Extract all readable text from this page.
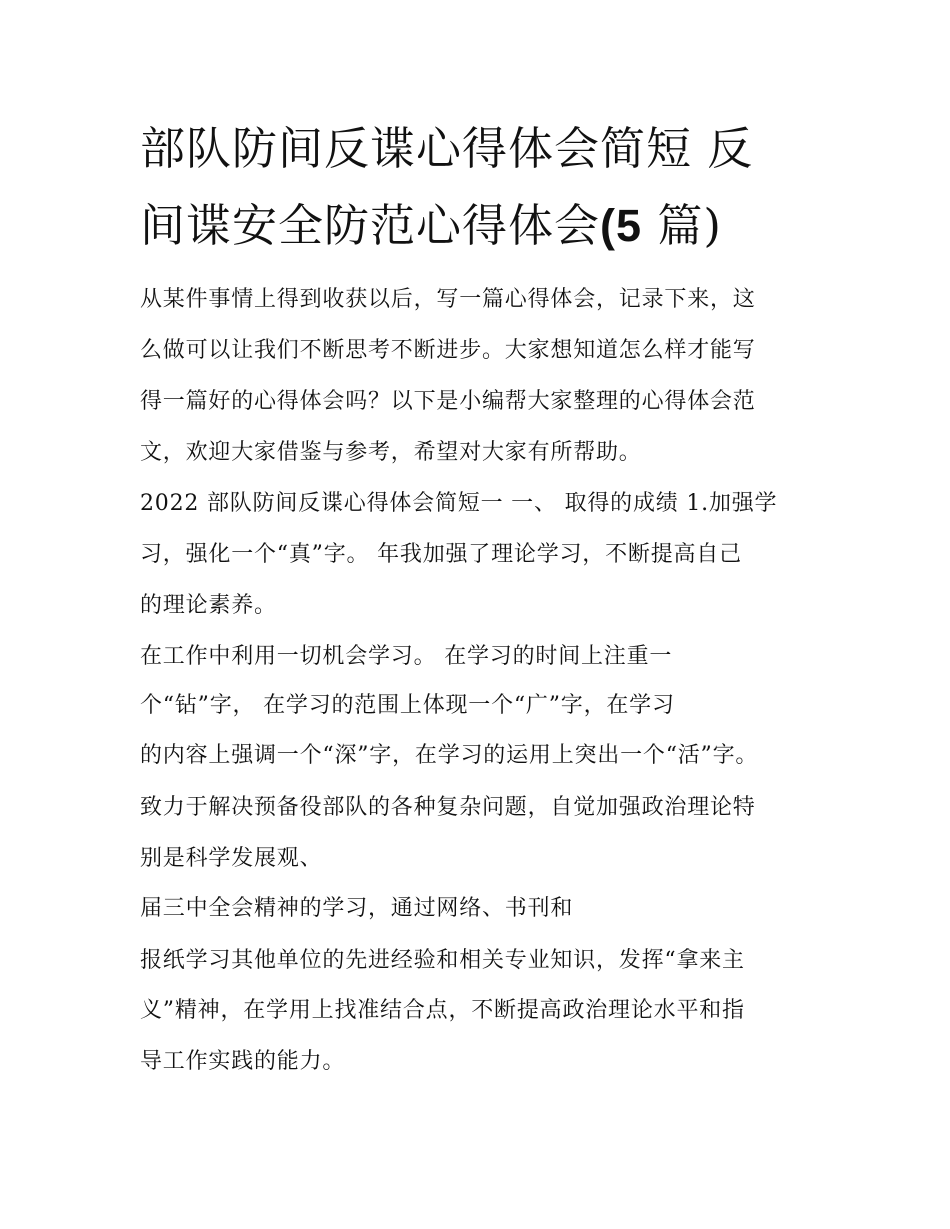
部队防间反谍心得体会简短 反
间谍安全防范心得体会(5 篇)
从某件事情上得到收获以后，写一篇心得体会，记录下来，这
么做可以让我们不断思考不断进步。大家想知道怎么样才能写
得一篇好的心得体会吗？以下是小编帮大家整理的心得体会范
文，欢迎大家借鉴与参考，希望对大家有所帮助。
2022 部队防间反谍心得体会简短一 一、 取得的成绩 1.加强学
习，强化一个“真”字。 年我加强了理论学习，不断提高自己
的理论素养。
在工作中利用一切机会学习。 在学习的时间上注重一
个“钻”字， 在学习的范围上体现一个“广”字，在学习
的内容上强调一个“深”字，在学习的运用上突出一个“活”字。
致力于解决预备役部队的各种复杂问题，自觉加强政治理论特
别是科学发展观、
届三中全会精神的学习，通过网络、书刊和
报纸学习其他单位的先进经验和相关专业知识，发挥“拿来主
义”精神，在学用上找准结合点，不断提高政治理论水平和指
导工作实践的能力。
